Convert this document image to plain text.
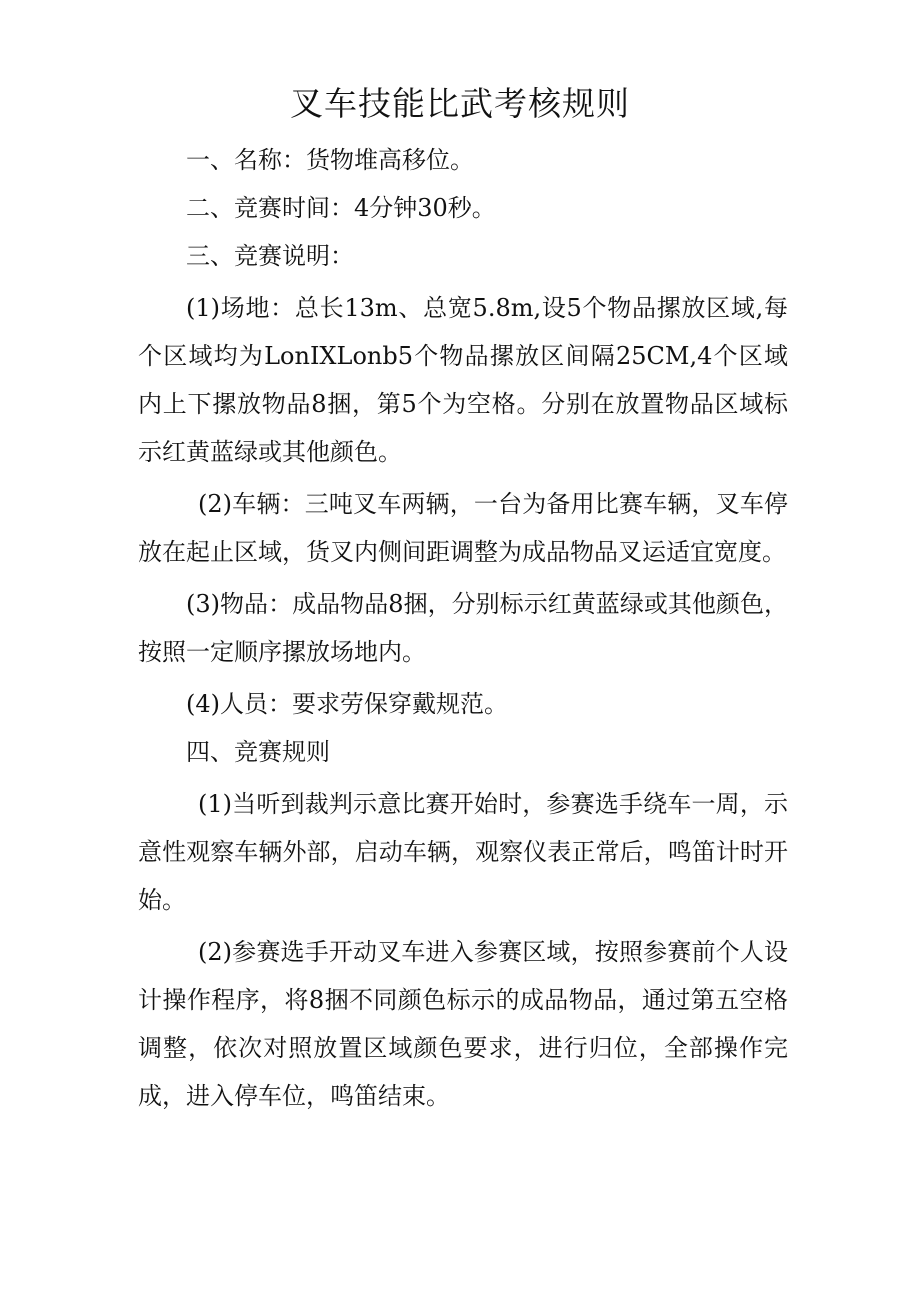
叉车技能比武考核规则

一、名称：货物堆高移位。

二、竞赛时间：4分钟30秒。

三、竞赛说明：

(1)场地：总长13m、总宽5.8m,设5个物品摞放区域,每个区域均为LonIXLonb5个物品摞放区间隔25CM,4个区域内上下摞放物品8捆，第5个为空格。分别在放置物品区域标示红黄蓝绿或其他颜色。

(2)车辆：三吨叉车两辆，一台为备用比赛车辆，叉车停放在起止区域，货叉内侧间距调整为成品物品叉运适宜宽度。

(3)物品：成品物品8捆，分别标示红黄蓝绿或其他颜色，按照一定顺序摞放场地内。

(4)人员：要求劳保穿戴规范。

四、竞赛规则

(1)当听到裁判示意比赛开始时，参赛选手绕车一周，示意性观察车辆外部，启动车辆，观察仪表正常后，鸣笛计时开始。

(2)参赛选手开动叉车进入参赛区域，按照参赛前个人设计操作程序，将8捆不同颜色标示的成品物品，通过第五空格调整，依次对照放置区域颜色要求，进行归位，全部操作完成，进入停车位，鸣笛结束。
